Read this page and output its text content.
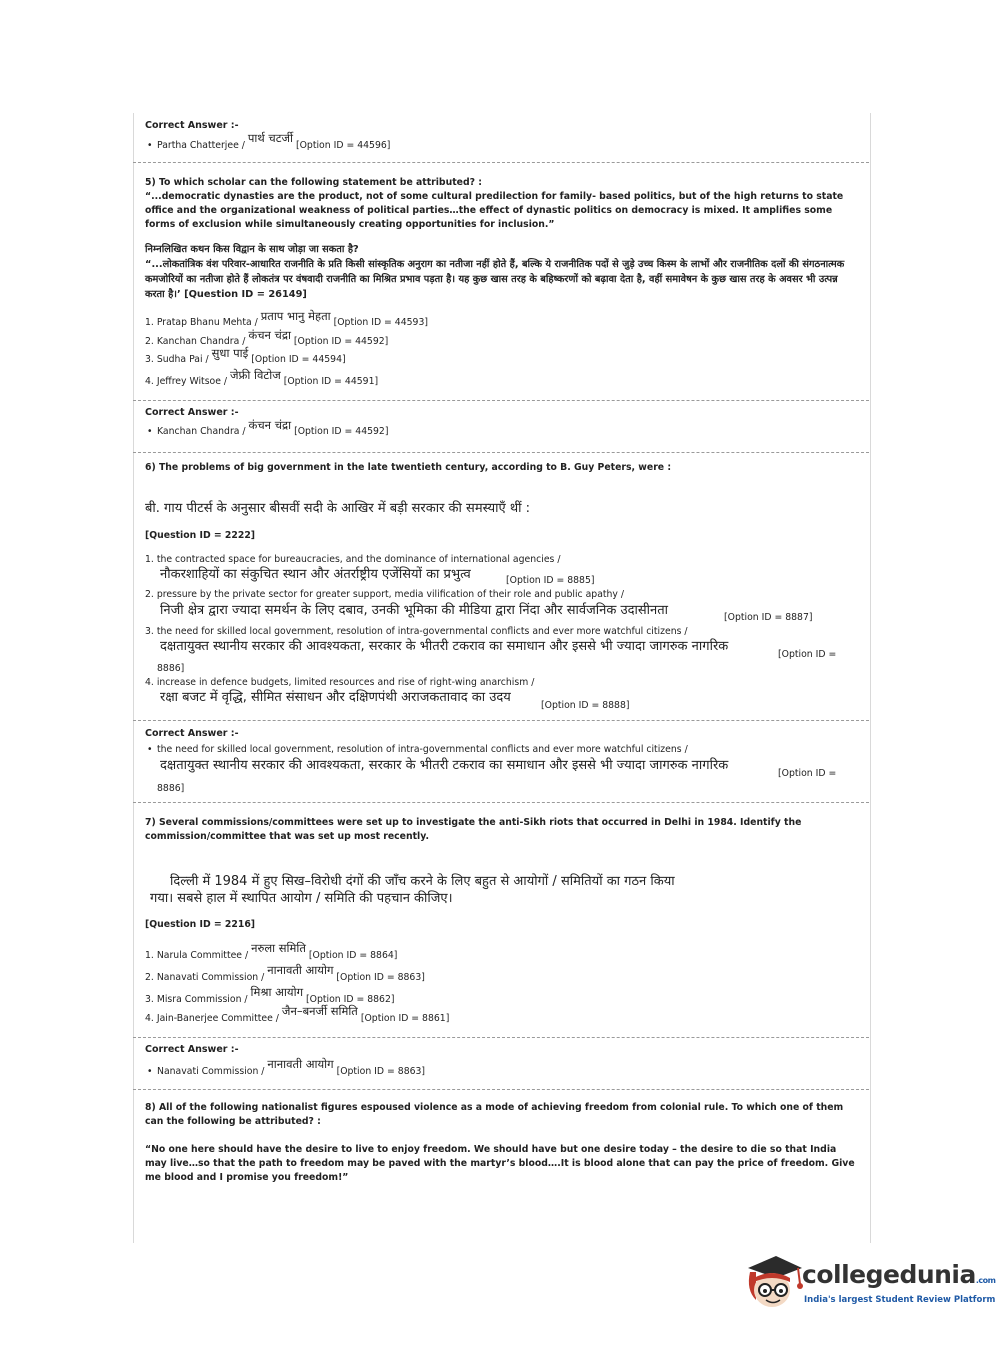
Correct Answer :-
• Partha Chatterjee / पार्थ चटर्जी [Option ID = 44596]
5) To which scholar can the following statement be attributed? :
“...democratic dynasties are the product, not of some cultural predilection for family- based politics, but of the high returns to state office and the organizational weakness of political parties…the effect of dynastic politics on democracy is mixed. It amplifies some forms of exclusion while simultaneously creating opportunities for inclusion.”
निम्नलिखित कथन किस विद्वान के साथ जोड़ा जा सकता है?
“...लोकतांत्रिक वंश परिवार-आधारित राजनीति के प्रति किसी सांस्कृतिक अनुराग का नतीजा नहीं होते हैं, बल्कि ये राजनीतिक पदों से जुड़े उच्च किस्म के लाभों और राजनीतिक दलों की संगठनात्मक कमजोरियों का नतीजा होते हैं लोकतंत्र पर वंषवादी राजनीति का मिश्रित प्रभाव पड़ता है। यह कुछ खास तरह के बहिष्करणों को बढ़ावा देता है, वहीं समावेषन के कुछ खास तरह के अवसर भी उत्पन्न करता है।’ [Question ID = 26149]
1. Pratap Bhanu Mehta / प्रताप भानु मेहता [Option ID = 44593]
2. Kanchan Chandra / कंचन चंद्रा [Option ID = 44592]
3. Sudha Pai / सुधा पाई [Option ID = 44594]
4. Jeffrey Witsoe / जेफ्री विटोज [Option ID = 44591]
Correct Answer :-
• Kanchan Chandra / कंचन चंद्रा [Option ID = 44592]
6) The problems of big government in the late twentieth century, according to B. Guy Peters, were :
बी. गाय पीटर्स के अनुसार बीसवीं सदी के आखिर में बड़ी सरकार की समस्याएँ थीं :
[Question ID = 2222]
1. the contracted space for bureaucracies, and the dominance of international agencies /
नौकरशाहियों का संकुचित स्थान और अंतर्राष्ट्रीय एजेंसियों का प्रभुत्व	[Option ID = 8885]
2. pressure by the private sector for greater support, media vilification of their role and public apathy /
निजी क्षेत्र द्वारा ज्यादा समर्थन के लिए दबाव, उनकी भूमिका की मीडिया द्वारा निंदा और सार्वजनिक उदासीनता	[Option ID = 8887]
3. the need for skilled local government, resolution of intra-governmental conflicts and ever more watchful citizens /
दक्षतायुक्त स्थानीय सरकार की आवश्यकता, सरकार के भीतरी टकराव का समाधान और इससे भी ज्यादा जागरुक नागरिक
[Option ID =
8886]
4. increase in defence budgets, limited resources and rise of right-wing anarchism /
रक्षा बजट में वृद्धि, सीमित संसाधन और दक्षिणपंथी अराजकतावाद का उदय
[Option ID = 8888]
Correct Answer :-
• the need for skilled local government, resolution of intra-governmental conflicts and ever more watchful citizens /
दक्षतायुक्त स्थानीय सरकार की आवश्यकता, सरकार के भीतरी टकराव का समाधान और इससे भी ज्यादा जागरुक नागरिक
[Option ID =
8886]
7) Several commissions/committees were set up to investigate the anti-Sikh riots that occurred in Delhi in 1984. Identify the commission/committee that was set up most recently.
दिल्ली में 1984 में हुए सिख–विरोधी दंगों की जाँच करने के लिए बहुत से आयोगों / समितियों का गठन किया
गया। सबसे हाल में स्थापित आयोग / समिति की पहचान कीजिए।
[Question ID = 2216]
1. Narula Committee / नरुला समिति [Option ID = 8864]
2. Nanavati Commission / नानावती आयोग [Option ID = 8863]
3. Misra Commission / मिश्रा आयोग [Option ID = 8862]
4. Jain-Banerjee Committee / जैन–बनर्जी समिति [Option ID = 8861]
Correct Answer :-
• Nanavati Commission / नानावती आयोग [Option ID = 8863]
8) All of the following nationalist figures espoused violence as a mode of achieving freedom from colonial rule. To which one of them can the following be attributed? :
“No one here should have the desire to live to enjoy freedom. We should have but one desire today – the desire to die so that India may live…so that the path to freedom may be paved with the martyr’s blood….It is blood alone that can pay the price of freedom. Give me blood and I promise you freedom!”
collegedunia.com
India's largest Student Review Platform
